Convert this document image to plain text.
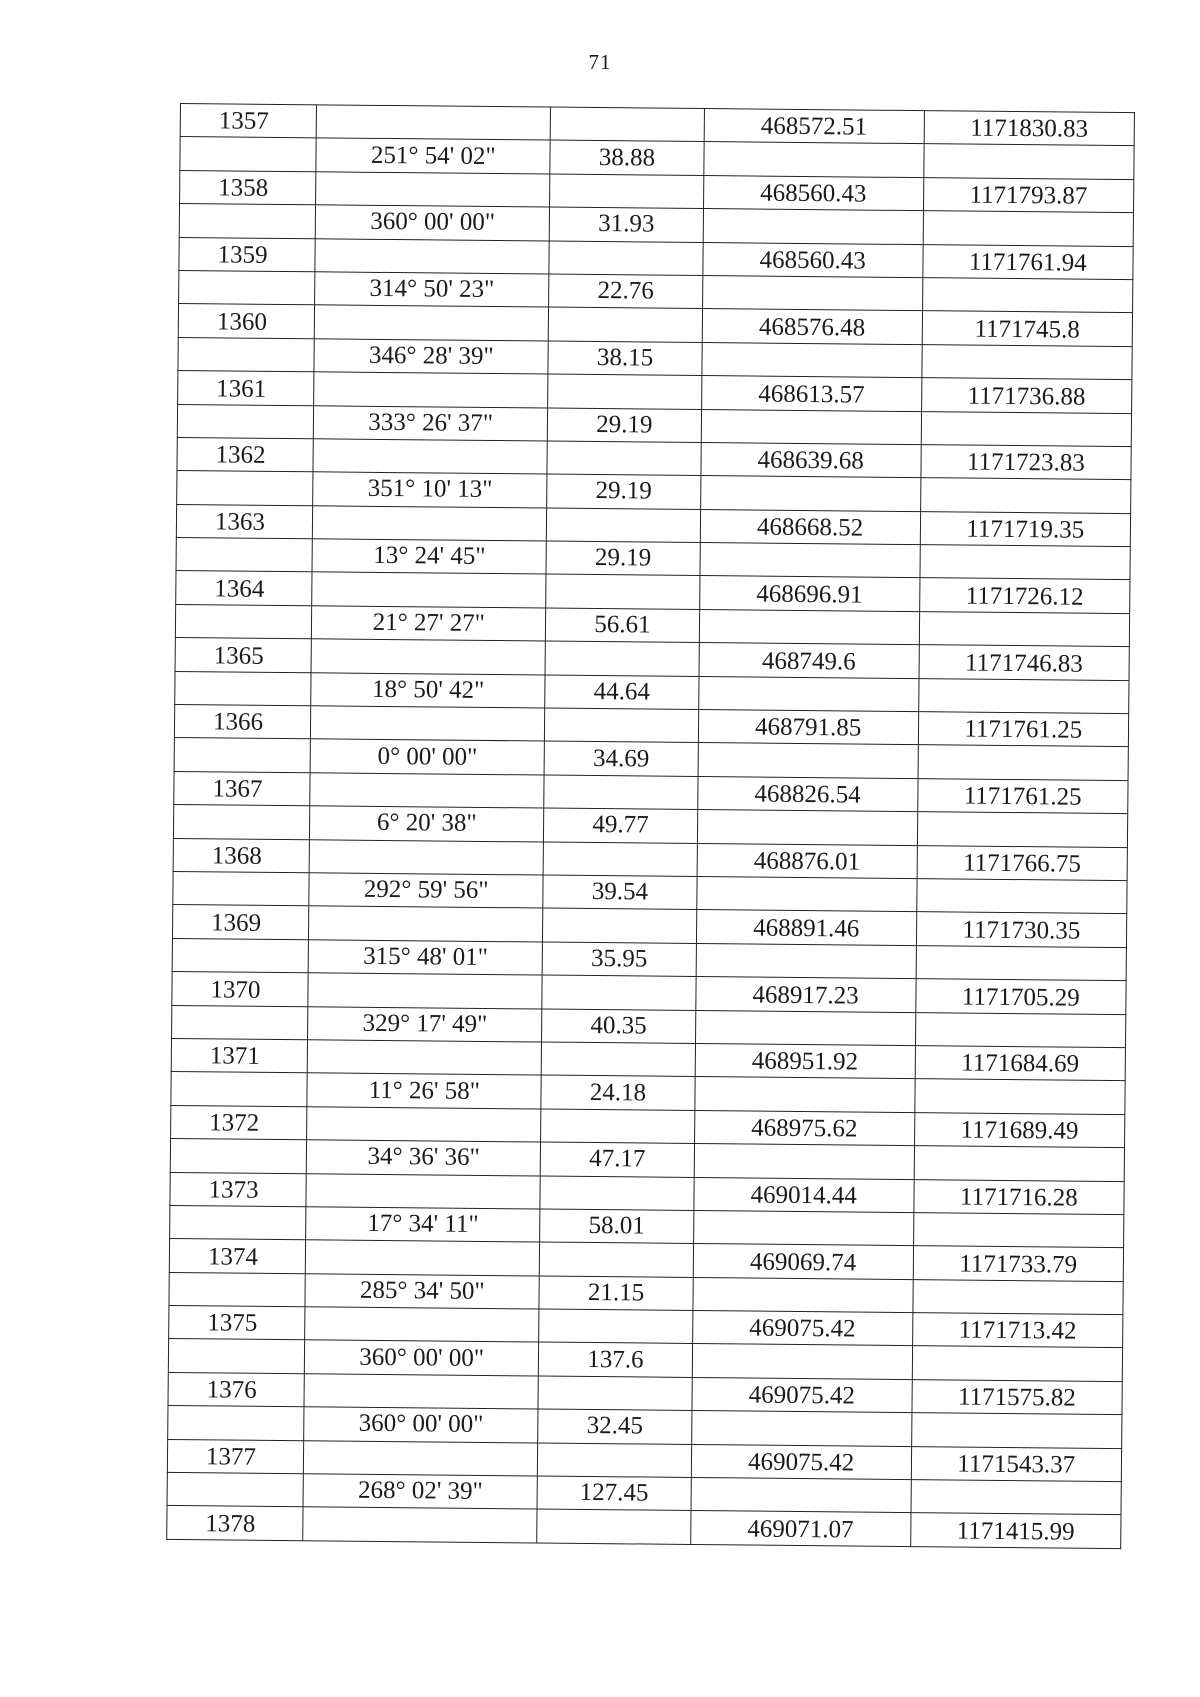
71
1357			468572.51	1171830.83
	251° 54' 02"	38.88		
1358			468560.43	1171793.87
	360° 00' 00"	31.93		
1359			468560.43	1171761.94
	314° 50' 23"	22.76		
1360			468576.48	1171745.8
	346° 28' 39"	38.15		
1361			468613.57	1171736.88
	333° 26' 37"	29.19		
1362			468639.68	1171723.83
	351° 10' 13"	29.19		
1363			468668.52	1171719.35
	13° 24' 45"	29.19		
1364			468696.91	1171726.12
	21° 27' 27"	56.61		
1365			468749.6	1171746.83
	18° 50' 42"	44.64		
1366			468791.85	1171761.25
	0° 00' 00"	34.69		
1367			468826.54	1171761.25
	6° 20' 38"	49.77		
1368			468876.01	1171766.75
	292° 59' 56"	39.54		
1369			468891.46	1171730.35
	315° 48' 01"	35.95		
1370			468917.23	1171705.29
	329° 17' 49"	40.35		
1371			468951.92	1171684.69
	11° 26' 58"	24.18		
1372			468975.62	1171689.49
	34° 36' 36"	47.17		
1373			469014.44	1171716.28
	17° 34' 11"	58.01		
1374			469069.74	1171733.79
	285° 34' 50"	21.15		
1375			469075.42	1171713.42
	360° 00' 00"	137.6		
1376			469075.42	1171575.82
	360° 00' 00"	32.45		
1377			469075.42	1171543.37
	268° 02' 39"	127.45		
1378			469071.07	1171415.99
